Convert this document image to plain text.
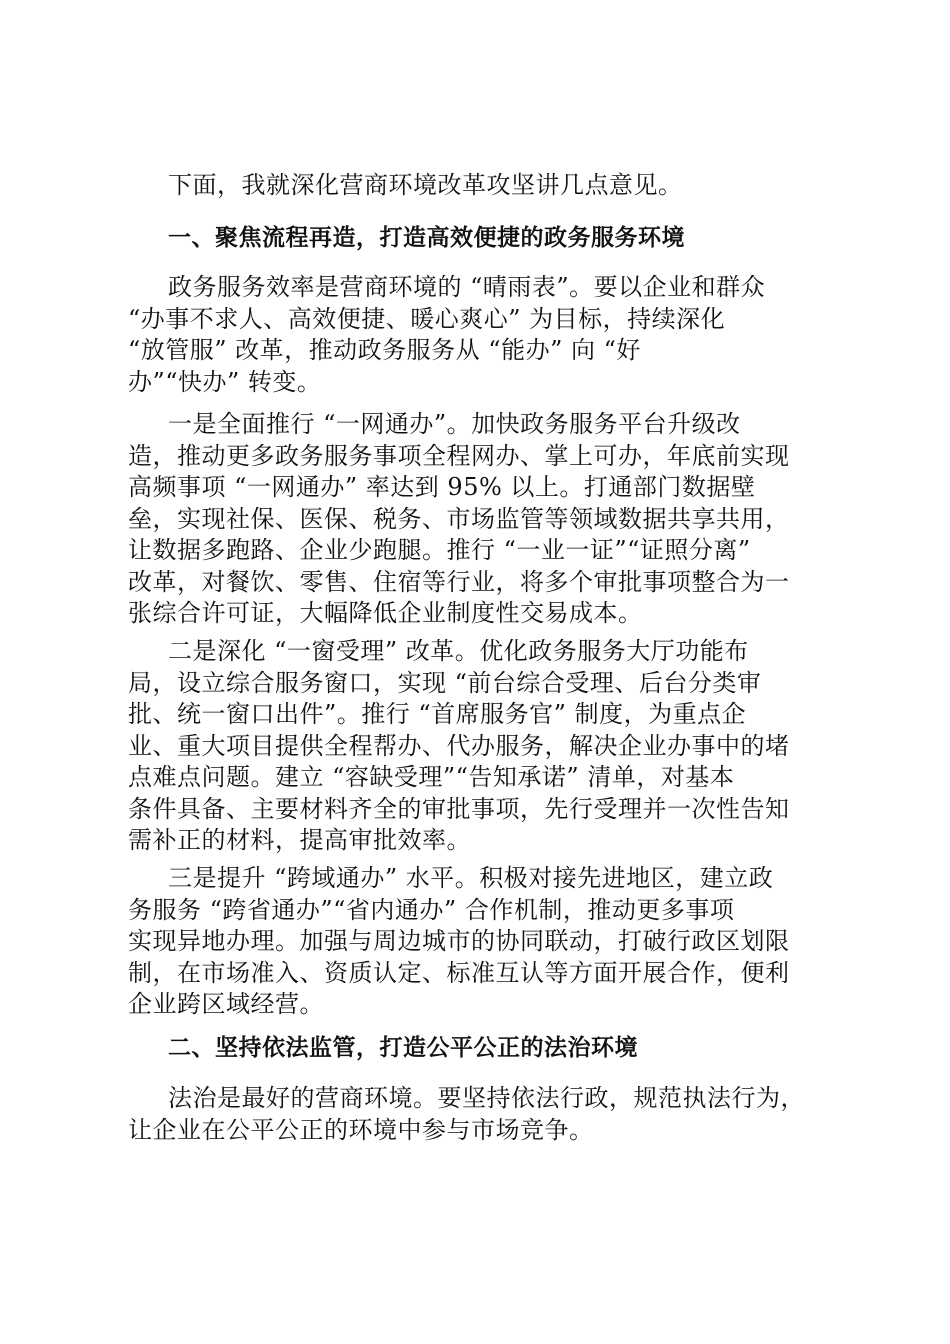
下面，我就深化营商环境改革攻坚讲几点意见。

一、聚焦流程再造，打造高效便捷的政务服务环境

政务服务效率是营商环境的 “晴雨表”。要以企业和群众
“办事不求人、高效便捷、暖心爽心” 为目标，持续深化
“放管服” 改革，推动政务服务从 “能办” 向 “好
办”“快办” 转变。

一是全面推行 “一网通办”。加快政务服务平台升级改
造，推动更多政务服务事项全程网办、掌上可办，年底前实现
高频事项 “一网通办” 率达到 95% 以上。打通部门数据壁
垒，实现社保、医保、税务、市场监管等领域数据共享共用，
让数据多跑路、企业少跑腿。推行 “一业一证”“证照分离”
改革，对餐饮、零售、住宿等行业，将多个审批事项整合为一
张综合许可证，大幅降低企业制度性交易成本。

二是深化 “一窗受理” 改革。优化政务服务大厅功能布
局，设立综合服务窗口，实现 “前台综合受理、后台分类审
批、统一窗口出件”。推行 “首席服务官” 制度，为重点企
业、重大项目提供全程帮办、代办服务，解决企业办事中的堵
点难点问题。建立 “容缺受理”“告知承诺” 清单，对基本
条件具备、主要材料齐全的审批事项，先行受理并一次性告知
需补正的材料，提高审批效率。

三是提升 “跨域通办” 水平。积极对接先进地区，建立政
务服务 “跨省通办”“省内通办” 合作机制，推动更多事项
实现异地办理。加强与周边城市的协同联动，打破行政区划限
制，在市场准入、资质认定、标准互认等方面开展合作，便利
企业跨区域经营。

二、坚持依法监管，打造公平公正的法治环境

法治是最好的营商环境。要坚持依法行政，规范执法行为，
让企业在公平公正的环境中参与市场竞争。
